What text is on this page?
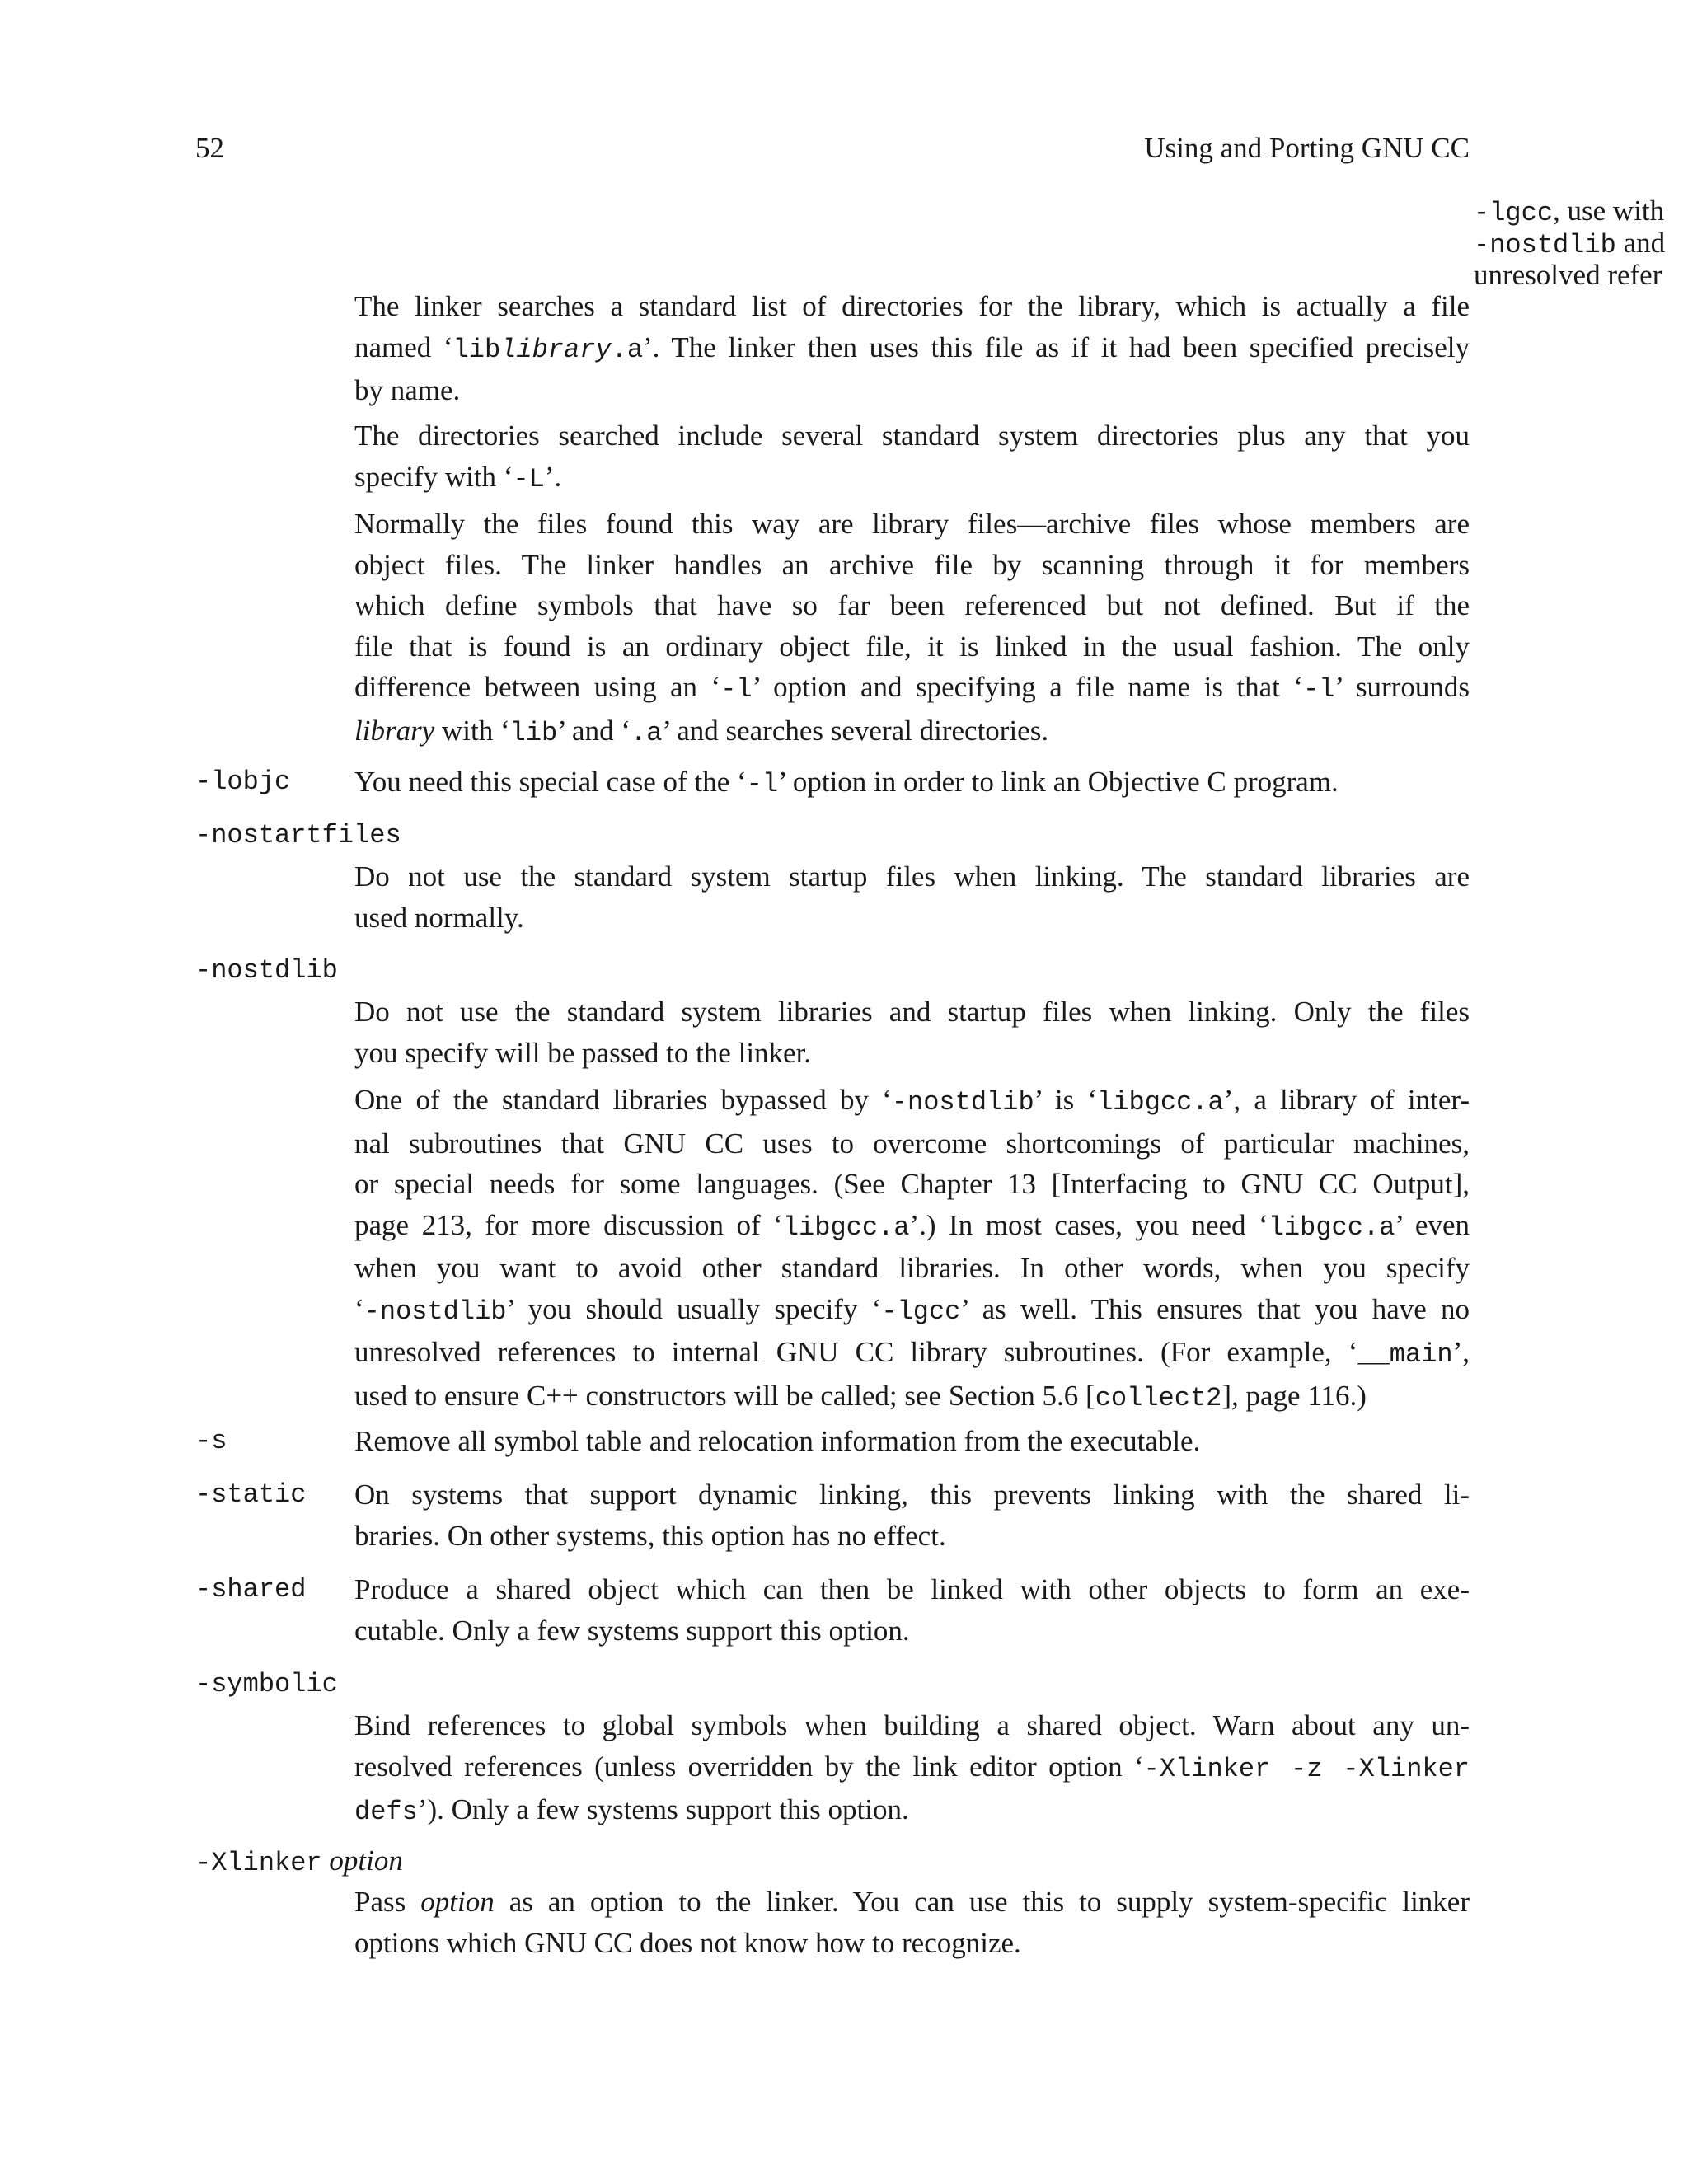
52	Using and Porting GNU CC
-lgcc, use with
-nostdlib and
unresolved refer
The linker searches a standard list of directories for the library, which is actually a file
named ‘liblibrary.a’. The linker then uses this file as if it had been specified precisely
by name.
The directories searched include several standard system directories plus any that you
specify with ‘-L’.
Normally the files found this way are library files—archive files whose members are
object files. The linker handles an archive file by scanning through it for members
which define symbols that have so far been referenced but not defined. But if the
file that is found is an ordinary object file, it is linked in the usual fashion. The only
difference between using an ‘-l’ option and specifying a file name is that ‘-l’ surrounds
library with ‘lib’ and ‘.a’ and searches several directories.
-lobjc You need this special case of the ‘-l’ option in order to link an Objective C program.
-nostartfiles
Do not use the standard system startup files when linking. The standard libraries are
used normally.
-nostdlib
Do not use the standard system libraries and startup files when linking. Only the files
you specify will be passed to the linker.
One of the standard libraries bypassed by ‘-nostdlib’ is ‘libgcc.a’, a library of inter-
nal subroutines that GNU CC uses to overcome shortcomings of particular machines,
or special needs for some languages. (See Chapter 13 [Interfacing to GNU CC Output],
page 213, for more discussion of ‘libgcc.a’.) In most cases, you need ‘libgcc.a’ even
when you want to avoid other standard libraries. In other words, when you specify
‘-nostdlib’ you should usually specify ‘-lgcc’ as well. This ensures that you have no
unresolved references to internal GNU CC library subroutines. (For example, ‘__main’,
used to ensure C++ constructors will be called; see Section 5.6 [collect2], page 116.)
-s	Remove all symbol table and relocation information from the executable.
-static On systems that support dynamic linking, this prevents linking with the shared li-
braries. On other systems, this option has no effect.
-shared Produce a shared object which can then be linked with other objects to form an exe-
cutable. Only a few systems support this option.
-symbolic
Bind references to global symbols when building a shared object. Warn about any un-
resolved references (unless overridden by the link editor option ‘-Xlinker -z -Xlinker
defs’). Only a few systems support this option.
-Xlinker option
Pass option as an option to the linker. You can use this to supply system-specific linker
options which GNU CC does not know how to recognize.
